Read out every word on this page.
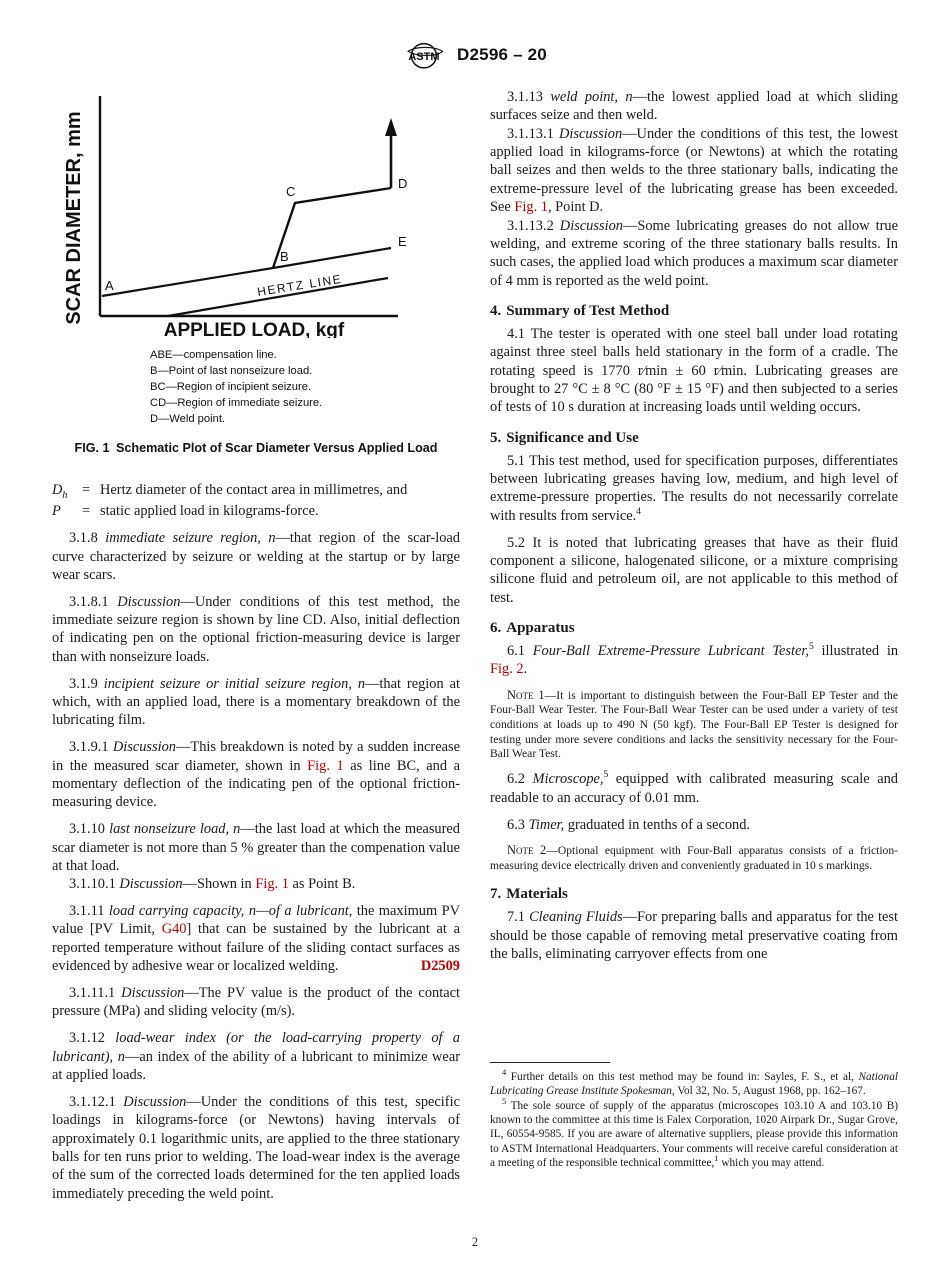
ASTM D2596 – 20
SCAR DIAMETER, mm	HERTZ LINE
A
B
C
D
E
APPLIED LOAD, kgf
ABE—compensation line.
B—Point of last nonseizure load.
BC—Region of incipient seizure.
CD—Region of immediate seizure.
D—Weld point.
FIG. 1 Schematic Plot of Scar Diameter Versus Applied Load
$D_h$	= Hertz diameter of the contact area in millimetres, and
P	= static applied load in kilograms-force.

3.1.8 immediate seizure region, n—that region of the scar-load curve characterized by seizure or welding at the startup or by large wear scars.

3.1.8.1 Discussion—Under conditions of this test method, the immediate seizure region is shown by line CD. Also, initial deflection of indicating pen on the optional friction-measuring device is larger than with nonseizure loads.

3.1.9 incipient seizure or initial seizure region, n—that region at which, with an applied load, there is a momentary breakdown of the lubricating film.

3.1.9.1 Discussion—This breakdown is noted by a sudden increase in the measured scar diameter, shown in Fig. 1 as line BC, and a momentary deflection of the indicating pen of the optional friction-measuring device.

3.1.10 last nonseizure load, n—the last load at which the measured scar diameter is not more than 5 % greater than the compenation value at that load.

3.1.10.1 Discussion—Shown in Fig. 1 as Point B.

3.1.11 load carrying capacity, n—of a lubricant, the maximum PV value [PV Limit, G40] that can be sustained by the lubricant at a reported temperature without failure of the sliding contact surfaces as evidenced by adhesive wear or localized welding.	D2509

3.1.11.1 Discussion—The PV value is the product of the contact pressure (MPa) and sliding velocity (m/s).

3.1.12 load-wear index (or the load-carrying property of a lubricant), n—an index of the ability of a lubricant to minimize wear at applied loads.

3.1.12.1 Discussion—Under the conditions of this test, specific loadings in kilograms-force (or Newtons) having intervals of approximately 0.1 logarithmic units, are applied to the three stationary balls for ten runs prior to welding. The load-wear index is the average of the sum of the corrected loads determined for the ten applied loads immediately preceding the weld point.

3.1.13 weld point, n—the lowest applied load at which sliding surfaces seize and then weld.

3.1.13.1 Discussion—Under the conditions of this test, the lowest applied load in kilograms-force (or Newtons) at which the rotating ball seizes and then welds to the three stationary balls, indicating the extreme-pressure level of the lubricating grease has been exceeded. See Fig. 1, Point D.

3.1.13.2 Discussion—Some lubricating greases do not allow true welding, and extreme scoring of the three stationary balls results. In such cases, the applied load which produces a maximum scar diameter of 4 mm is reported as the weld point.

4. Summary of Test Method

4.1 The tester is operated with one steel ball under load rotating against three steel balls held stationary in the form of a cradle. The rotating speed is 1770 r∕min ± 60 r∕min. Lubricating greases are brought to 27 °C ± 8 °C (80 °F ± 15 °F) and then subjected to a series of tests of 10 s duration at increasing loads until welding occurs.

5. Significance and Use

5.1 This test method, used for specification purposes, differentiates between lubricating greases having low, medium, and high level of extreme-pressure properties. The results do not necessarily correlate with results from service.$^4$

5.2 It is noted that lubricating greases that have as their fluid component a silicone, halogenated silicone, or a mixture comprising silicone fluid and petroleum oil, are not applicable to this method of test.

6. Apparatus

6.1 Four-Ball Extreme-Pressure Lubricant Tester,$^5$ illustrated in Fig. 2.

Note 1—It is important to distinguish between the Four-Ball EP Tester and the Four-Ball Wear Tester. The Four-Ball Wear Tester can be used under a variety of test conditions at loads up to 490 N (50 kgf). The Four-Ball EP Tester is designed for testing under more severe conditions and lacks the sensitivity necessary for the Four-Ball Wear Test.

6.2 Microscope,$^5$ equipped with calibrated measuring scale and readable to an accuracy of 0.01 mm.

6.3 Timer, graduated in tenths of a second.

Note 2—Optional equipment with Four-Ball apparatus consists of a friction-measuring device electrically driven and conveniently graduated in 10 s markings.

7. Materials

7.1 Cleaning Fluids—For preparing balls and apparatus for the test should be those capable of removing metal preservative coating from the balls, eliminating carryover effects from one

$^4$ Further details on this test method may be found in: Sayles, F. S., et al, National Lubricating Grease Institute Spokesman, Vol 32, No. 5, August 1968, pp. 162–167.

$^5$ The sole source of supply of the apparatus (microscopes 103.10 A and 103.10 B) known to the committee at this time is Falex Corporation, 1020 Airpark Dr., Sugar Grove, IL, 60554-9585. If you are aware of alternative suppliers, please provide this information to ASTM International Headquarters. Your comments will receive careful consideration at a meeting of the responsible technical committee,$^1$ which you may attend.

2
